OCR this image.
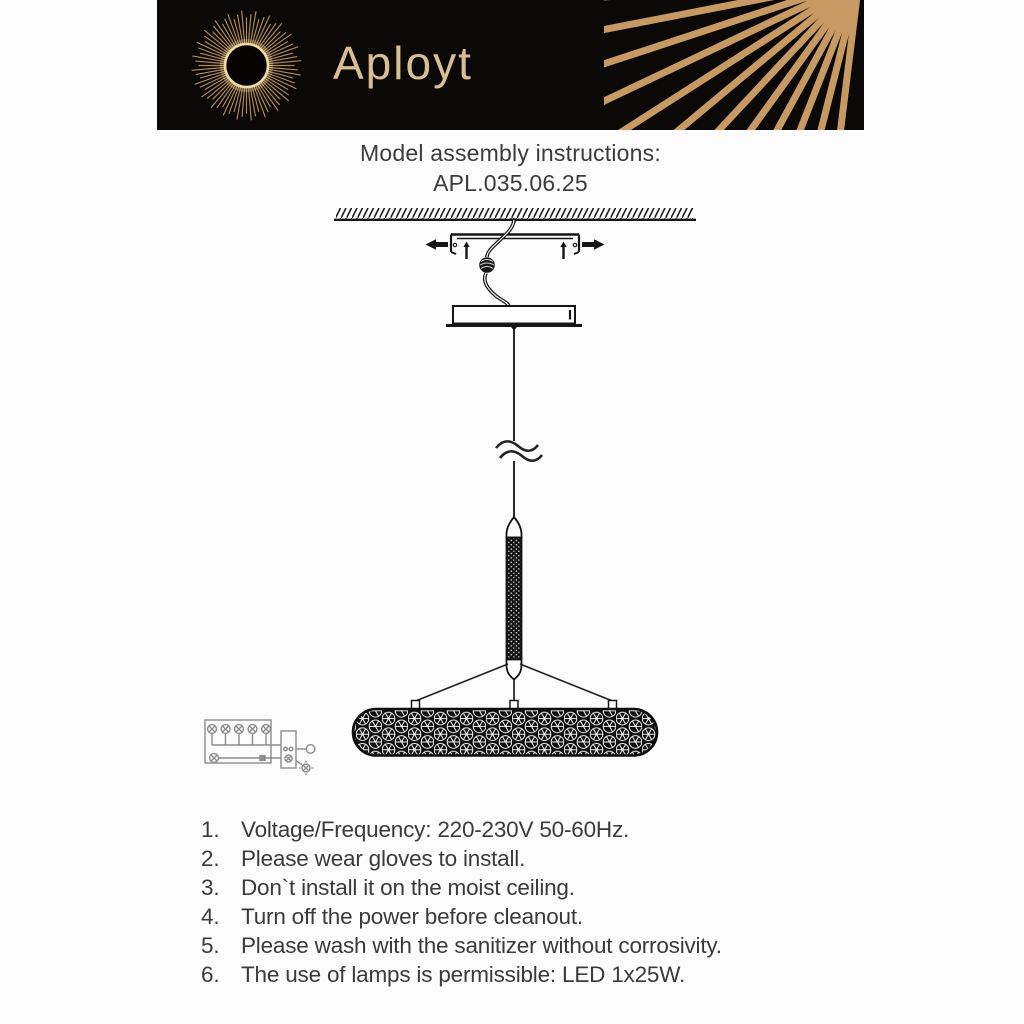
Aployt
Model assembly instructions:
APL.035.06.25
1. Voltage/Frequency: 220-230V 50-60Hz.
2. Please wear gloves to install.
3. Don`t install it on the moist ceiling.
4. Turn off the power before cleanout.
5. Please wash with the sanitizer without corrosivity.
6. The use of lamps is permissible: LED 1x25W.
